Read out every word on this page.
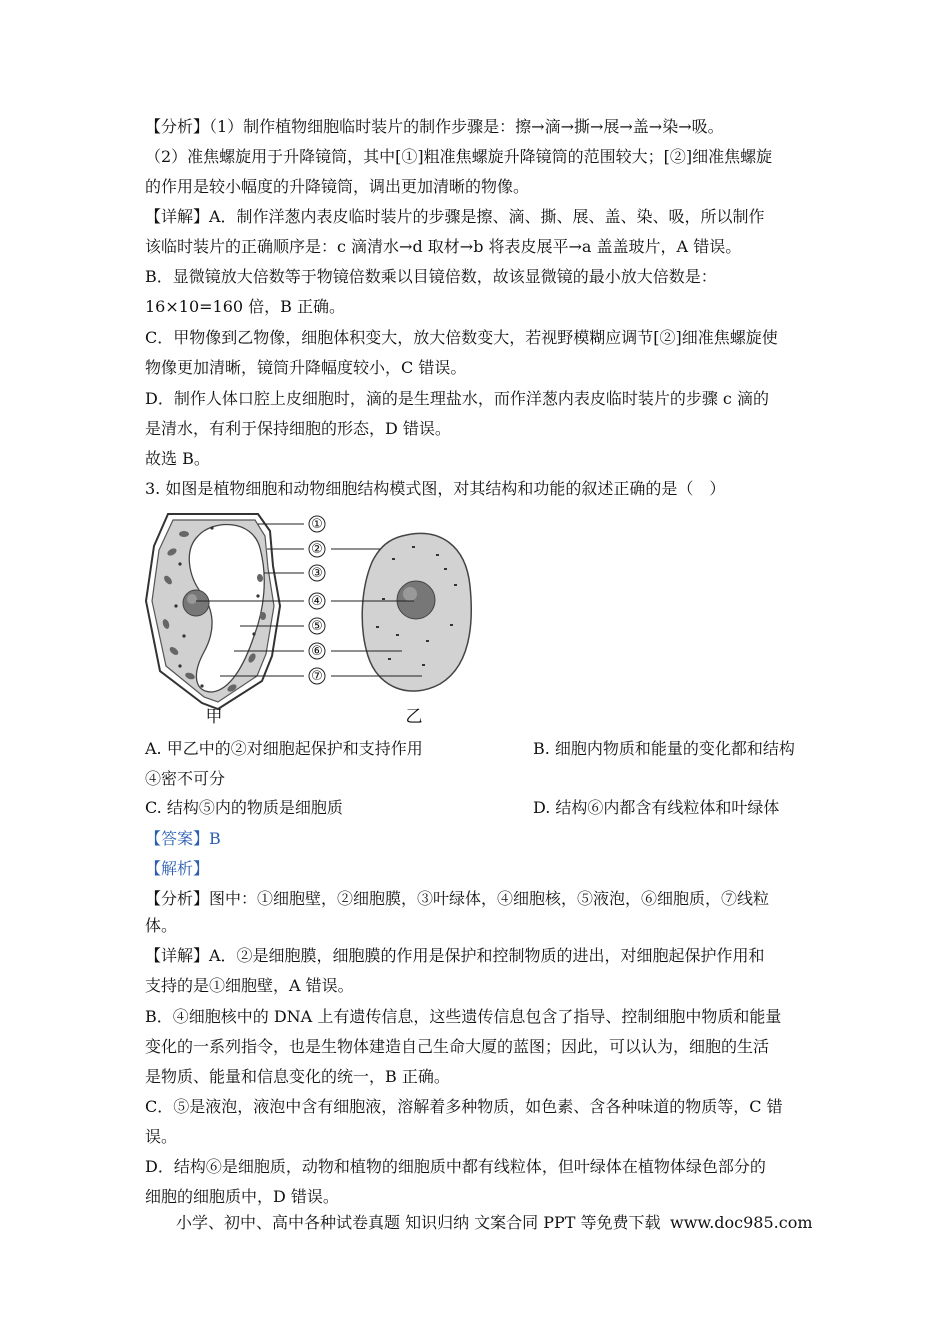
【分析】（1）制作植物细胞临时装片的制作步骤是：擦→滴→撕→展→盖→染→吸。
（2）准焦螺旋用于升降镜筒，其中[①]粗准焦螺旋升降镜筒的范围较大；[②]细准焦螺旋
的作用是较小幅度的升降镜筒，调出更加清晰的物像。
【详解】A．制作洋葱内表皮临时装片的步骤是擦、滴、撕、展、盖、染、吸，所以制作
该临时装片的正确顺序是：c 滴清水→d 取材→b 将表皮展平→a 盖盖玻片，A 错误。
B．显微镜放大倍数等于物镜倍数乘以目镜倍数，故该显微镜的最小放大倍数是：
16×10=160 倍，B 正确。
C．甲物像到乙物像，细胞体积变大，放大倍数变大，若视野模糊应调节[②]细准焦螺旋使
物像更加清晰，镜筒升降幅度较小，C 错误。
D．制作人体口腔上皮细胞时，滴的是生理盐水，而作洋葱内表皮临时装片的步骤 c 滴的
是清水，有利于保持细胞的形态，D 错误。
故选 B。
3. 如图是植物细胞和动物细胞结构模式图，对其结构和功能的叙述正确的是（　）
①
②
③
④
⑤
⑥
⑦
甲	乙
A. 甲乙中的②对细胞起保护和支持作用	B. 细胞内物质和能量的变化都和结构
④密不可分
C. 结构⑤内的物质是细胞质	D. 结构⑥内都含有线粒体和叶绿体
【答案】B
【解析】
【分析】图中：①细胞壁，②细胞膜，③叶绿体，④细胞核，⑤液泡，⑥细胞质，⑦线粒
体。
【详解】A．②是细胞膜，细胞膜的作用是保护和控制物质的进出，对细胞起保护作用和
支持的是①细胞壁，A 错误。
B．④细胞核中的 DNA 上有遗传信息，这些遗传信息包含了指导、控制细胞中物质和能量
变化的一系列指令，也是生物体建造自己生命大厦的蓝图；因此，可以认为，细胞的生活
是物质、能量和信息变化的统一，B 正确。
C．⑤是液泡，液泡中含有细胞液，溶解着多种物质，如色素、含各种味道的物质等，C 错
误。
D．结构⑥是细胞质，动物和植物的细胞质中都有线粒体，但叶绿体在植物体绿色部分的
细胞的细胞质中，D 错误。
小学、初中、高中各种试卷真题 知识归纳 文案合同 PPT 等免费下载 www.doc985.com
